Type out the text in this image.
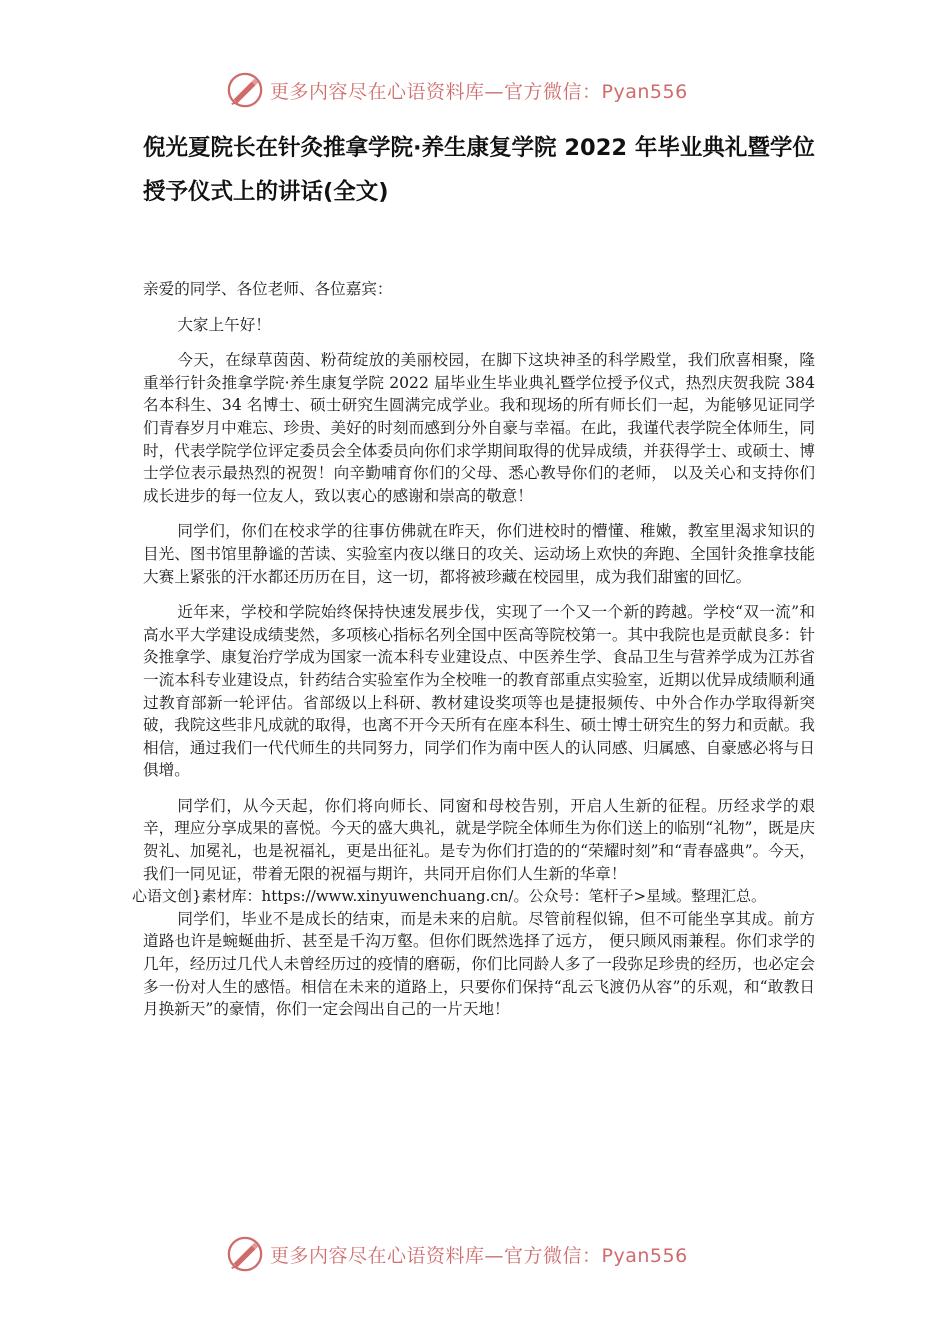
更多内容尽在心语资料库—官方微信：Pyan556
倪光夏院长在针灸推拿学院·养生康复学院 2022 年毕业典礼暨学位授予仪式上的讲话(全文)

亲爱的同学、各位老师、各位嘉宾：

大家上午好！

今天，在绿草茵茵、粉荷绽放的美丽校园，在脚下这块神圣的科学殿堂，我们欣喜相聚，隆重举行针灸推拿学院·养生康复学院 2022 届毕业生毕业典礼暨学位授予仪式，热烈庆贺我院 384 名本科生、34 名博士、硕士研究生圆满完成学业。我和现场的所有师长们一起，为能够见证同学们青春岁月中难忘、珍贵、美好的时刻而感到分外自豪与幸福。在此，我谨代表学院全体师生，同时，代表学院学位评定委员会全体委员向你们求学期间取得的优异成绩，并获得学士、或硕士、博士学位表示最热烈的祝贺！向辛勤哺育你们的父母、悉心教导你们的老师， 以及关心和支持你们成长进步的每一位友人，致以衷心的感谢和崇高的敬意！

同学们，你们在校求学的往事仿佛就在昨天，你们进校时的懵懂、稚嫩，教室里渴求知识的目光、图书馆里静谧的苦读、实验室内夜以继日的攻关、运动场上欢快的奔跑、全国针灸推拿技能大赛上紧张的汗水都还历历在目，这一切，都将被珍藏在校园里，成为我们甜蜜的回忆。

近年来，学校和学院始终保持快速发展步伐，实现了一个又一个新的跨越。学校“双一流”和高水平大学建设成绩斐然，多项核心指标名列全国中医高等院校第一。其中我院也是贡献良多：针灸推拿学、康复治疗学成为国家一流本科专业建设点、中医养生学、食品卫生与营养学成为江苏省一流本科专业建设点，针药结合实验室作为全校唯一的教育部重点实验室，近期以优异成绩顺利通过教育部新一轮评估。省部级以上科研、教材建设奖项等也是捷报频传、中外合作办学取得新突破，我院这些非凡成就的取得，也离不开今天所有在座本科生、硕士博士研究生的努力和贡献。我相信，通过我们一代代师生的共同努力，同学们作为南中医人的认同感、归属感、自豪感必将与日俱增。

同学们，从今天起，你们将向师长、同窗和母校告别，开启人生新的征程。历经求学的艰辛，理应分享成果的喜悦。今天的盛大典礼，就是学院全体师生为你们送上的临别“礼物”，既是庆贺礼、加冕礼，也是祝福礼，更是出征礼。是专为你们打造的的“荣耀时刻”和“青春盛典”。今天，我们一同见证，带着无限的祝福与期许，共同开启你们人生新的华章！

心语文创}素材库：https://www.xinyuwenchuang.cn/。公众号：笔杆子>星域。整理汇总。

同学们，毕业不是成长的结束，而是未来的启航。尽管前程似锦，但不可能坐享其成。前方道路也许是蜿蜒曲折、甚至是千沟万壑。但你们既然选择了远方， 便只顾风雨兼程。你们求学的几年，经历过几代人未曾经历过的疫情的磨砺，你们比同龄人多了一段弥足珍贵的经历，也必定会多一份对人生的感悟。相信在未来的道路上，只要你们保持“乱云飞渡仍从容”的乐观，和“敢教日月换新天”的豪情，你们一定会闯出自己的一片天地！

更多内容尽在心语资料库—官方微信：Pyan556
